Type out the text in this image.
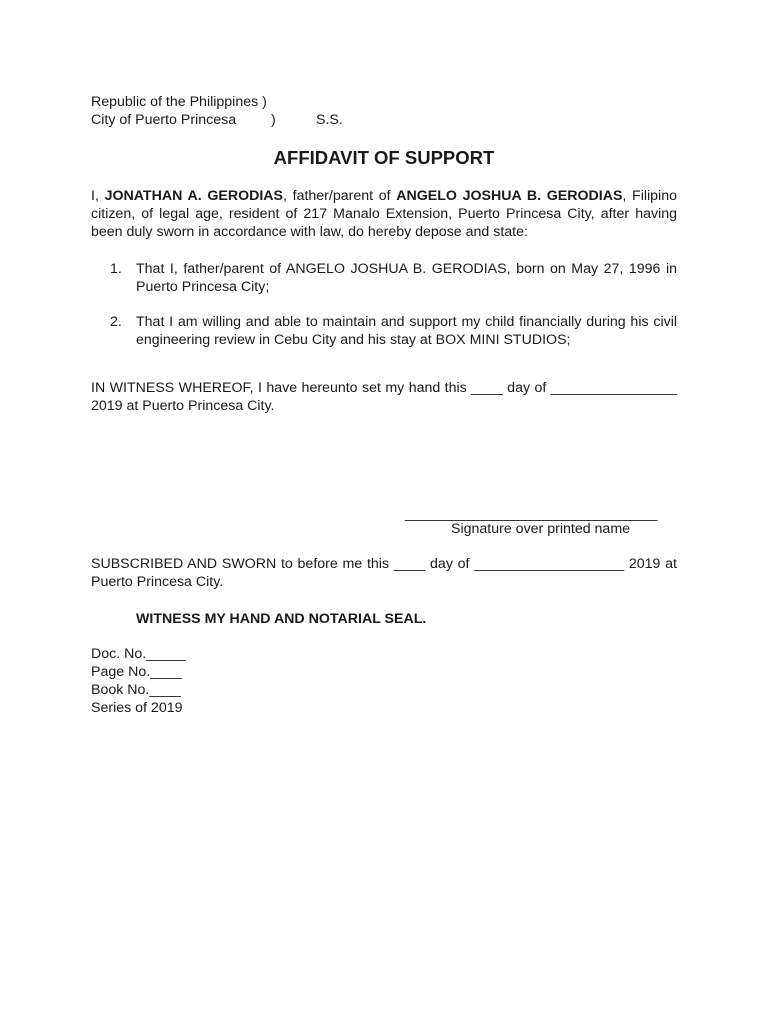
Republic of the Philippines )
City of Puerto Princesa )	S.S.
AFFIDAVIT OF SUPPORT
I, JONATHAN A. GERODIAS, father/parent of ANGELO JOSHUA B. GERODIAS, Filipino citizen, of legal age, resident of 217 Manalo Extension, Puerto Princesa City, after having been duly sworn in accordance with law, do hereby depose and state:
1. That I, father/parent of ANGELO JOSHUA B. GERODIAS, born on May 27, 1996 in Puerto Princesa City;
2. That I am willing and able to maintain and support my child financially during his civil engineering review in Cebu City and his stay at BOX MINI STUDIOS;
IN WITNESS WHEREOF, I have hereunto set my hand this ____ day of ________________ 2019 at Puerto Princesa City.
________________________________
Signature over printed name
SUBSCRIBED AND SWORN to before me this ____ day of ___________________ 2019 at Puerto Princesa City.
WITNESS MY HAND AND NOTARIAL SEAL.
Doc. No._____
Page No.____
Book No.____
Series of 2019
